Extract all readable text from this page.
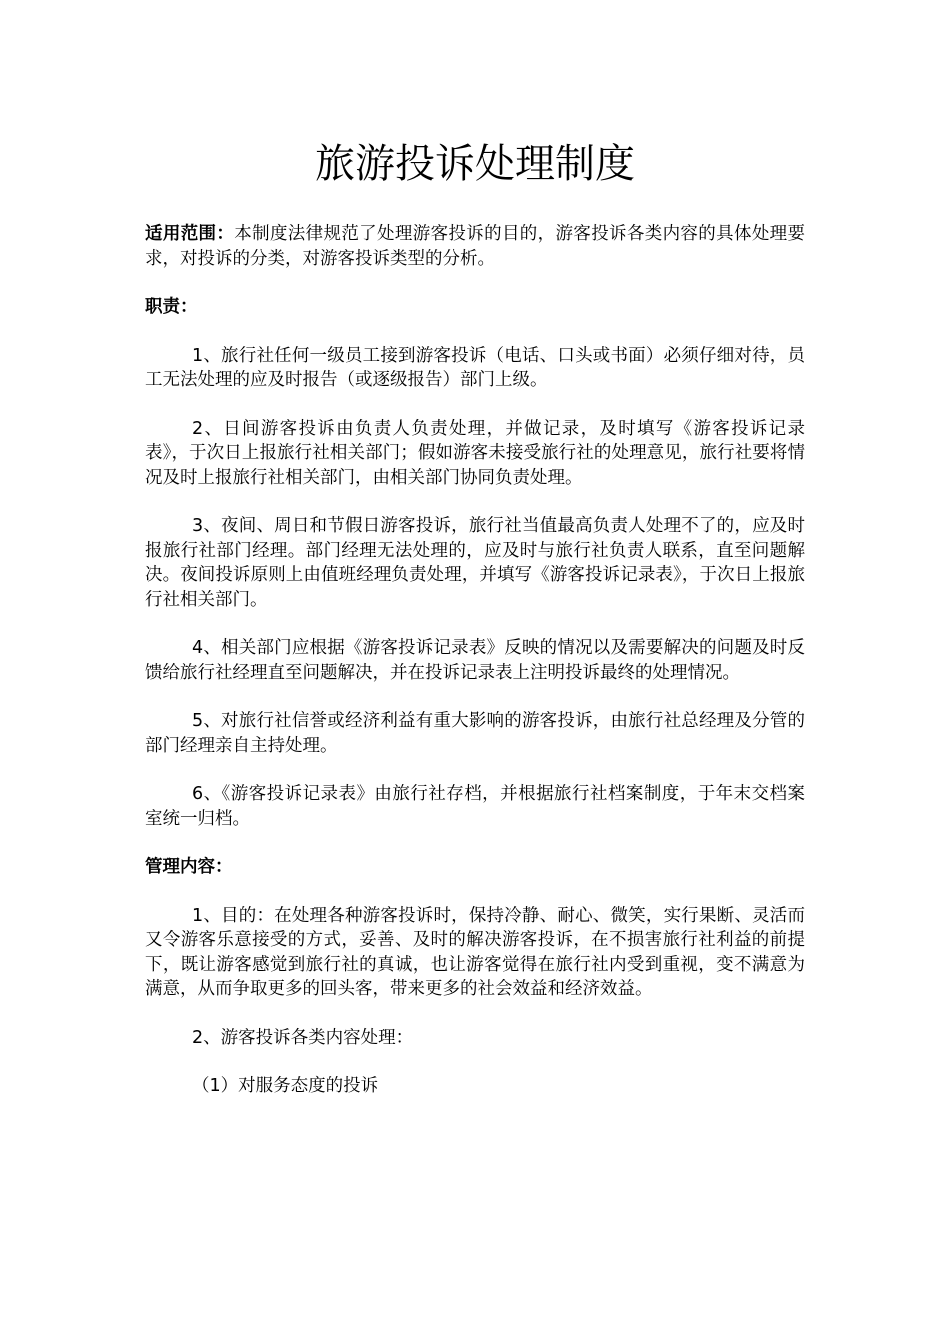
旅游投诉处理制度

适用范围：本制度法律规范了处理游客投诉的目的，游客投诉各类内容的具体处理要求，对投诉的分类，对游客投诉类型的分析。

职责：

1、旅行社任何一级员工接到游客投诉（电话、口头或书面）必须仔细对待，员工无法处理的应及时报告（或逐级报告）部门上级。

2、日间游客投诉由负责人负责处理，并做记录，及时填写《游客投诉记录表》，于次日上报旅行社相关部门；假如游客未接受旅行社的处理意见，旅行社要将情况及时上报旅行社相关部门，由相关部门协同负责处理。

3、夜间、周日和节假日游客投诉，旅行社当值最高负责人处理不了的，应及时报旅行社部门经理。部门经理无法处理的，应及时与旅行社负责人联系，直至问题解决。夜间投诉原则上由值班经理负责处理，并填写《游客投诉记录表》，于次日上报旅行社相关部门。

4、相关部门应根据《游客投诉记录表》反映的情况以及需要解决的问题及时反馈给旅行社经理直至问题解决，并在投诉记录表上注明投诉最终的处理情况。

5、对旅行社信誉或经济利益有重大影响的游客投诉，由旅行社总经理及分管的部门经理亲自主持处理。

6、《游客投诉记录表》由旅行社存档，并根据旅行社档案制度，于年末交档案室统一归档。

管理内容：

1、目的：在处理各种游客投诉时，保持冷静、耐心、微笑，实行果断、灵活而又令游客乐意接受的方式，妥善、及时的解决游客投诉，在不损害旅行社利益的前提下，既让游客感觉到旅行社的真诚，也让游客觉得在旅行社内受到重视，变不满意为满意，从而争取更多的回头客，带来更多的社会效益和经济效益。

2、游客投诉各类内容处理：

（1）对服务态度的投诉
